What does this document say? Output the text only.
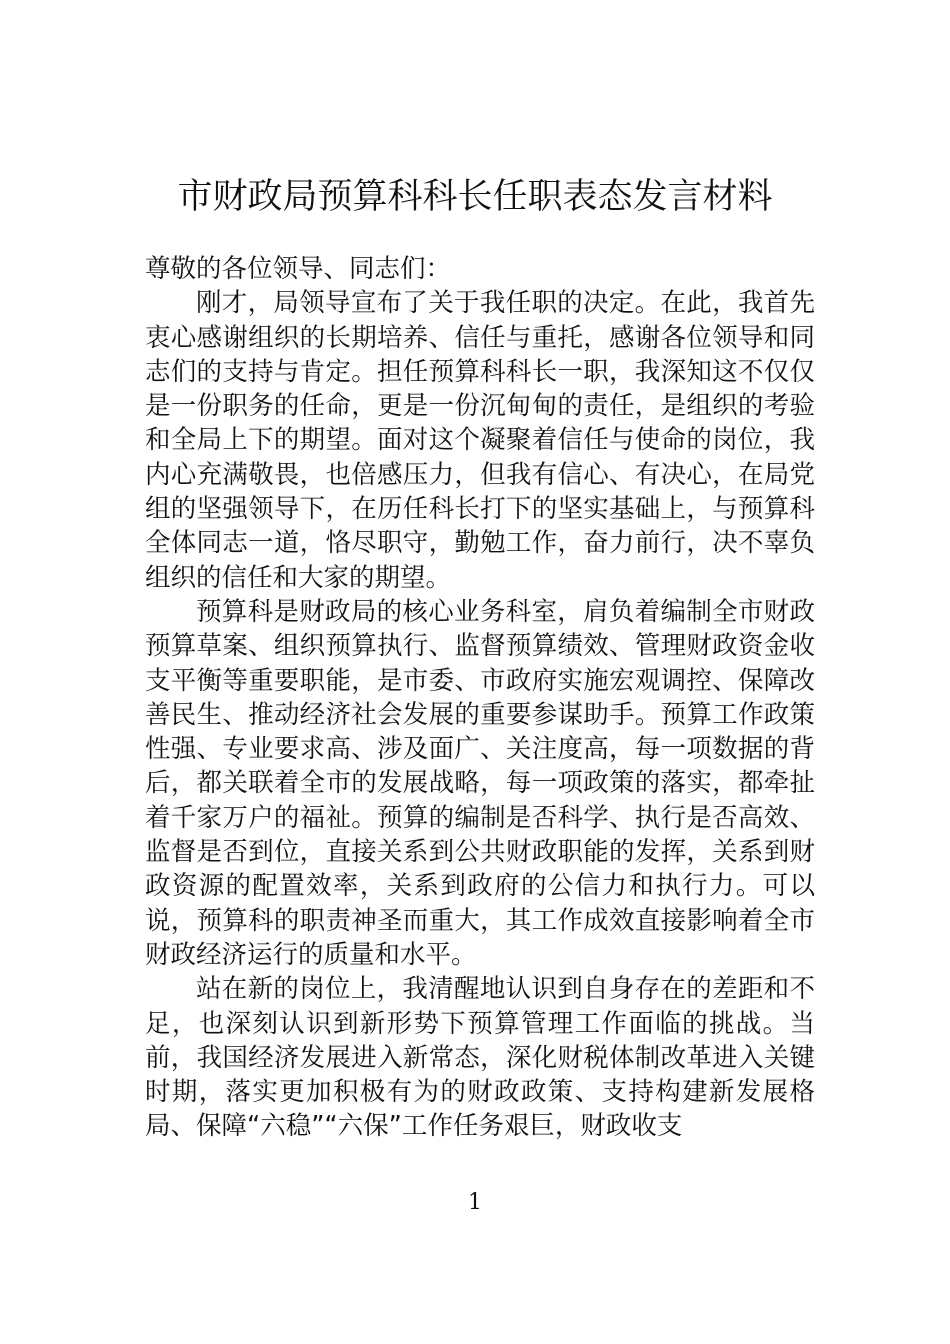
市财政局预算科科长任职表态发言材料

尊敬的各位领导、同志们：

刚才，局领导宣布了关于我任职的决定。在此，我首先衷心感谢组织的长期培养、信任与重托，感谢各位领导和同志们的支持与肯定。担任预算科科长一职，我深知这不仅仅是一份职务的任命，更是一份沉甸甸的责任，是组织的考验和全局上下的期望。面对这个凝聚着信任与使命的岗位，我内心充满敬畏，也倍感压力，但我有信心、有决心，在局党组的坚强领导下，在历任科长打下的坚实基础上，与预算科全体同志一道，恪尽职守，勤勉工作，奋力前行，决不辜负组织的信任和大家的期望。

预算科是财政局的核心业务科室，肩负着编制全市财政预算草案、组织预算执行、监督预算绩效、管理财政资金收支平衡等重要职能，是市委、市政府实施宏观调控、保障改善民生、推动经济社会发展的重要参谋助手。预算工作政策性强、专业要求高、涉及面广、关注度高，每一项数据的背后，都关联着全市的发展战略，每一项政策的落实，都牵扯着千家万户的福祉。预算的编制是否科学、执行是否高效、监督是否到位，直接关系到公共财政职能的发挥，关系到财政资源的配置效率，关系到政府的公信力和执行力。可以说，预算科的职责神圣而重大，其工作成效直接影响着全市财政经济运行的质量和水平。

站在新的岗位上，我清醒地认识到自身存在的差距和不足，也深刻认识到新形势下预算管理工作面临的挑战。当前，我国经济发展进入新常态，深化财税体制改革进入关键时期，落实更加积极有为的财政政策、支持构建新发展格局、保障“六稳”“六保”工作任务艰巨，财政收支

1
